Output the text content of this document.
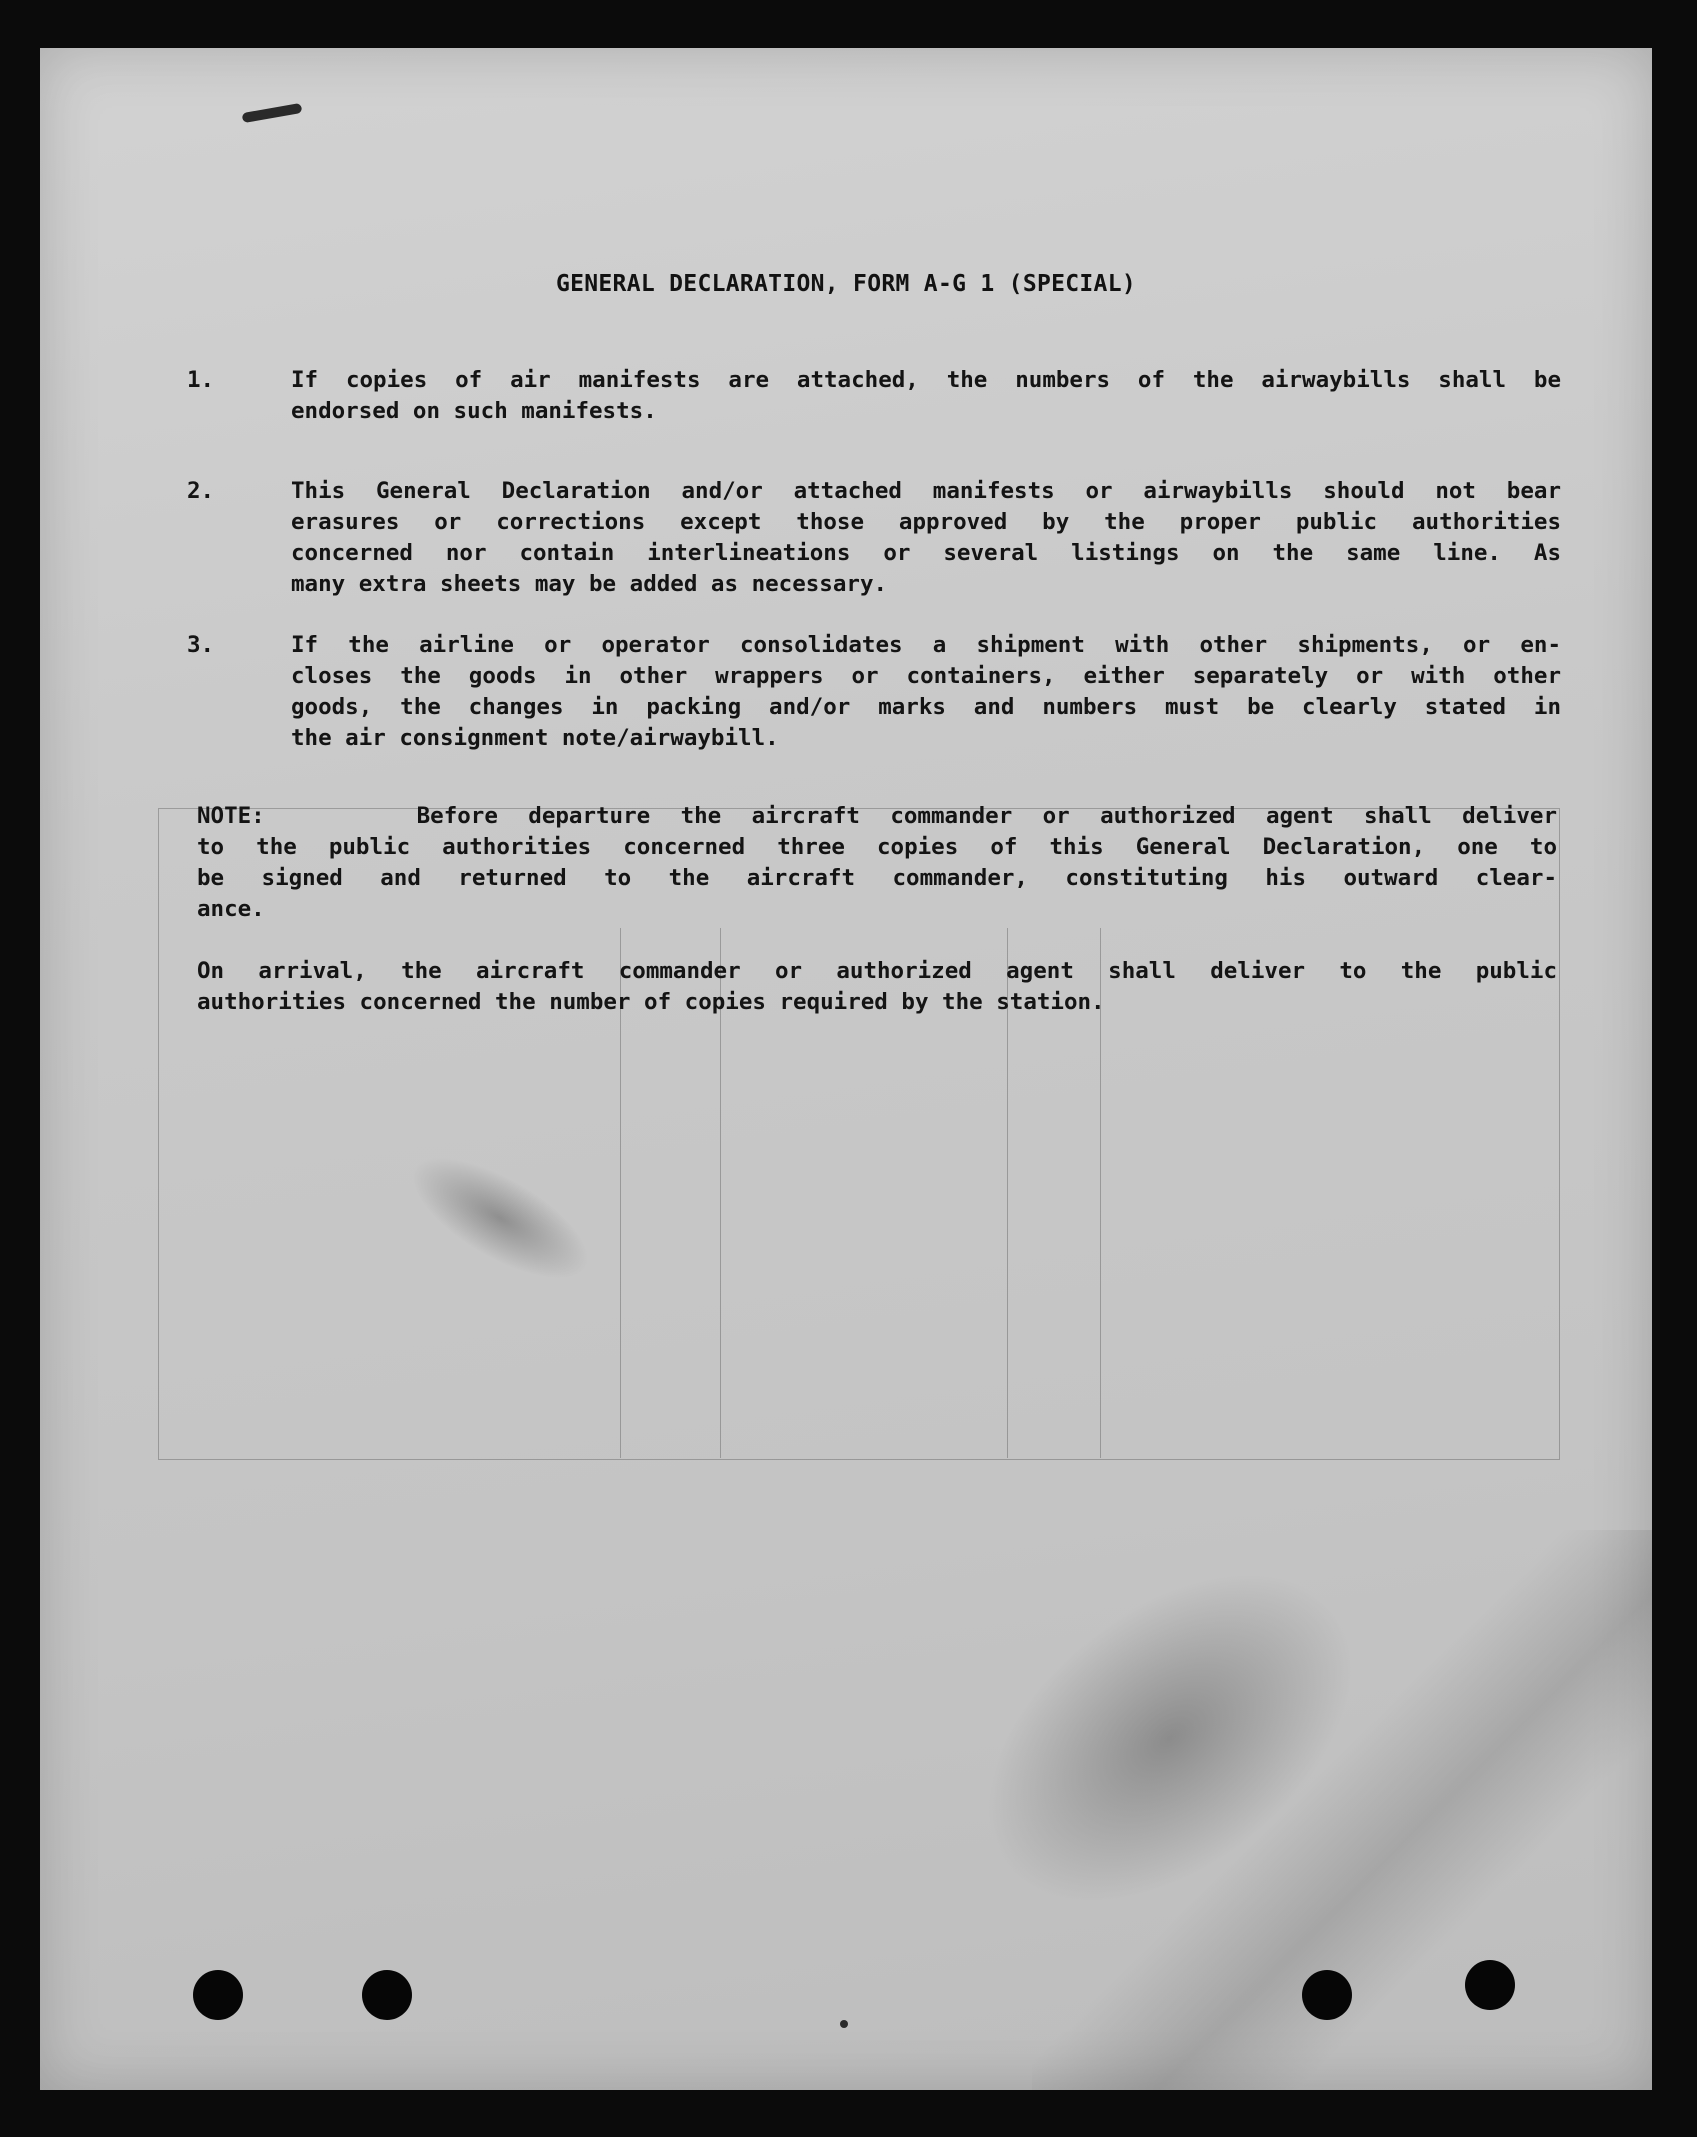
GENERAL DECLARATION, FORM A-G 1 (SPECIAL)
1.	If copies of air manifests are attached, the numbers of the airwaybills shall be
endorsed on such manifests.
2.	This General Declaration and/or attached manifests or airwaybills should not bear
erasures or corrections except those approved by the proper public authorities
concerned nor contain interlineations or several listings on the same line. As
many extra sheets may be added as necessary.
3.	If the airline or operator consolidates a shipment with other shipments, or en-
closes the goods in other wrappers or containers, either separately or with other
goods, the changes in packing and/or marks and numbers must be clearly stated in
the air consignment note/airwaybill.
NOTE:     Before departure the aircraft commander or authorized agent shall deliver
to the public authorities concerned three copies of this General Declaration, one to
be signed and returned to the aircraft commander, constituting his outward clear-
ance.
On arrival, the aircraft commander or authorized agent shall deliver to the public
authorities concerned the number of copies required by the station.
